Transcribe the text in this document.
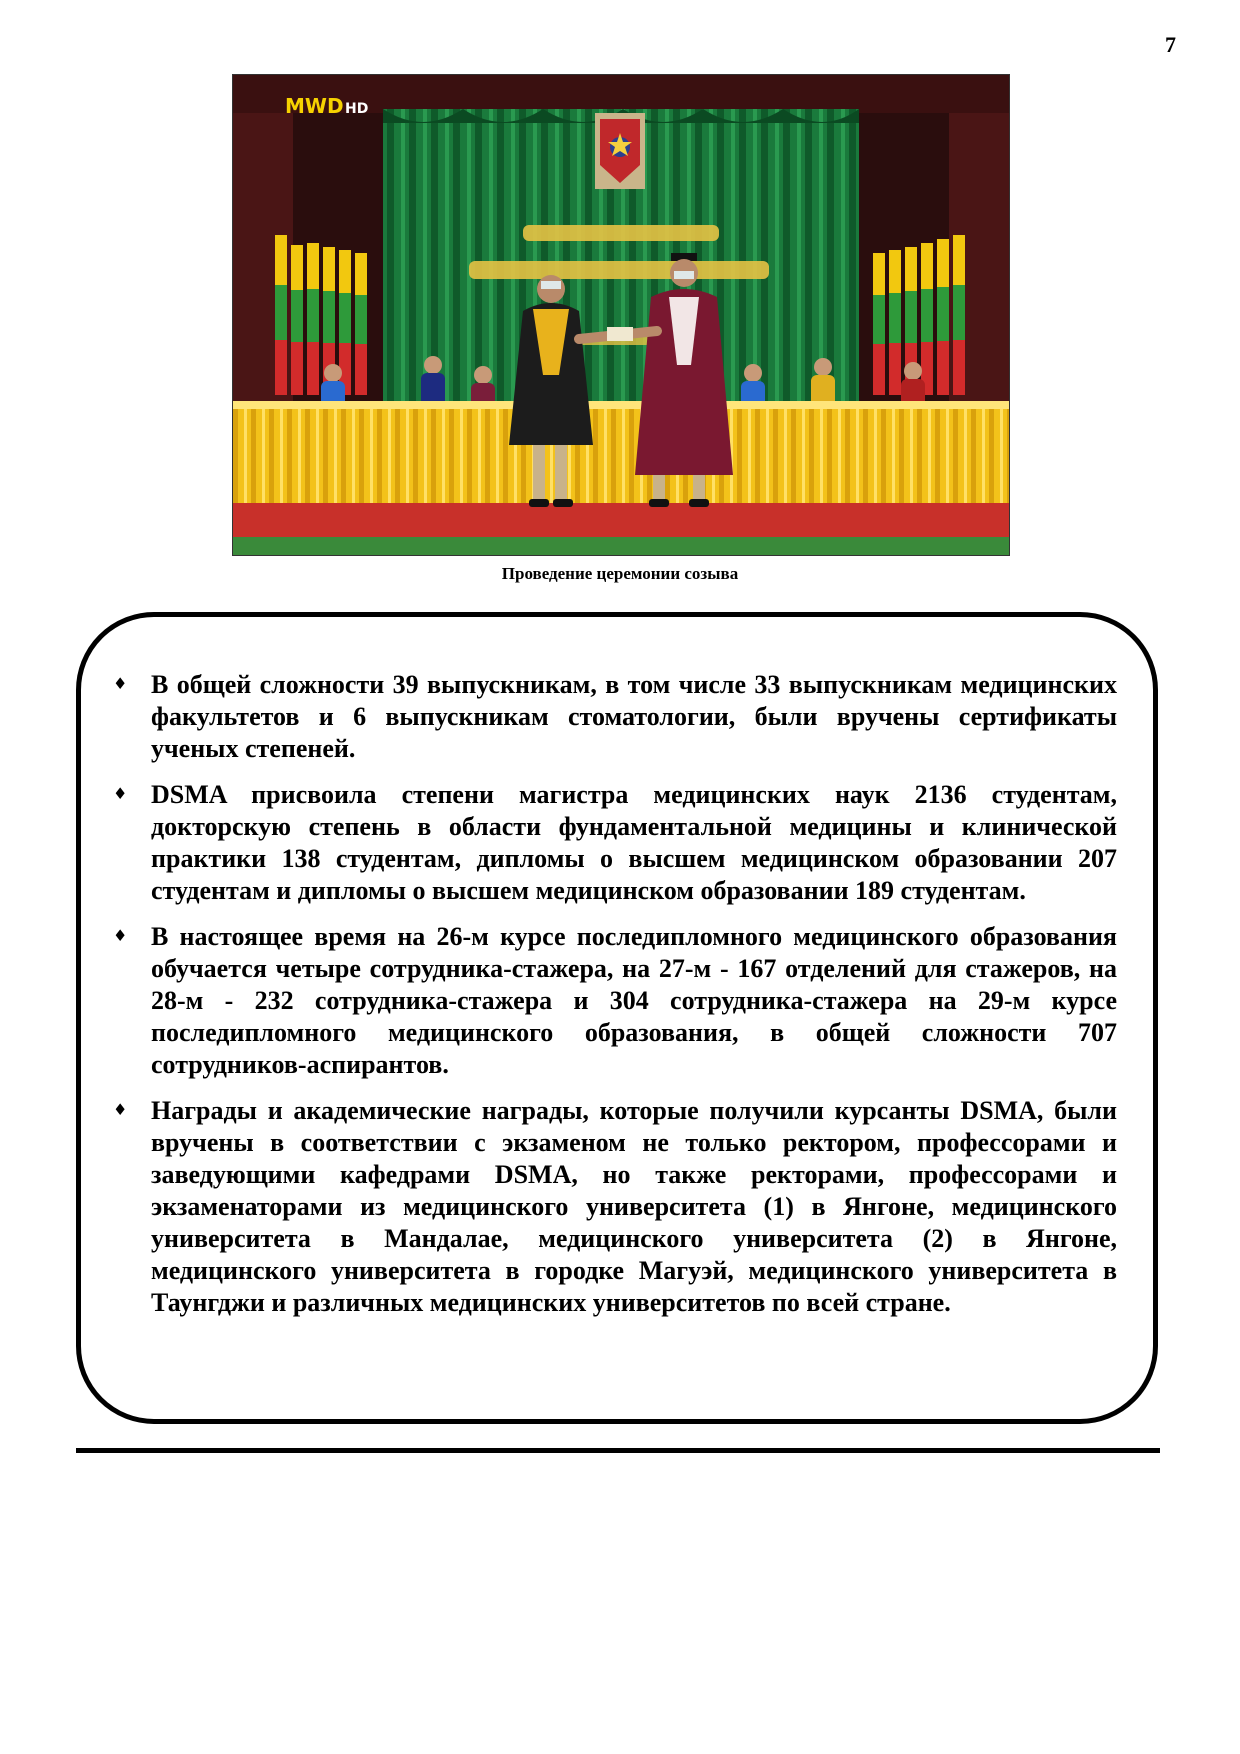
7
MWD HD
Проведение церемонии созыва
♦ В общей сложности 39 выпускникам, в том числе 33 выпускникам медицинских факультетов и 6 выпускникам стоматологии, были вручены сертификаты ученых степеней.
♦ DSMA присвоила степени магистра медицинских наук 2136 студентам, докторскую степень в области фундаментальной медицины и клинической практики 138 студентам, дипломы о высшем медицинском образовании 207 студентам и дипломы о высшем медицинском образовании 189 студентам.
♦ В настоящее время на 26-м курсе последипломного медицинского образования обучается четыре сотрудника-стажера, на 27-м - 167 отделений для стажеров, на 28-м - 232 сотрудника-стажера и 304 сотрудника-стажера на 29-м курсе последипломного медицинского образования, в общей сложности 707 сотрудников-аспирантов.
♦ Награды и академические награды, которые получили курсанты DSMA, были вручены в соответствии с экзаменом не только ректором, профессорами и заведующими кафедрами DSMA, но также ректорами, профессорами и экзаменаторами из медицинского университета (1) в Янгоне, медицинского университета в Мандалае, медицинского университета (2) в Янгоне, медицинского университета в городке Магуэй, медицинского университета в Таунгджи и различных медицинских университетов по всей стране.
